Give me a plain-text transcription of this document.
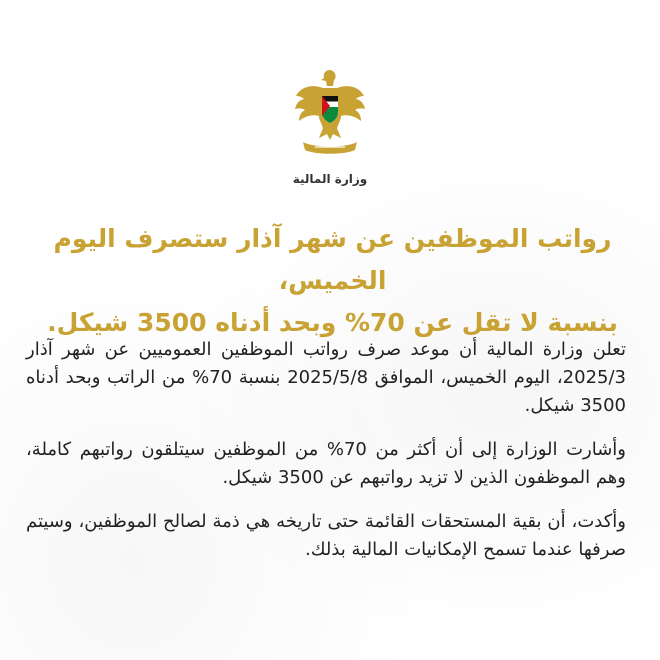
وزارة المالية
رواتب الموظفين عن شهر آذار ستصرف اليوم الخميس،
بنسبة لا تقل عن 70% وبحد أدناه 3500 شيكل.

تعلن وزارة المالية أن موعد صرف رواتب الموظفين العموميين عن شهر آذار 2025/3، اليوم الخميس، الموافق 2025/5/8 بنسبة 70% من الراتب وبحد أدناه 3500 شيكل.

وأشارت الوزارة إلى أن أكثر من 70% من الموظفين سيتلقون رواتبهم كاملة، وهم الموظفون الذين لا تزيد رواتبهم عن 3500 شيكل.

وأكدت، أن بقية المستحقات القائمة حتى تاريخه هي ذمة لصالح الموظفين، وسيتم صرفها عندما تسمح الإمكانيات المالية بذلك.
